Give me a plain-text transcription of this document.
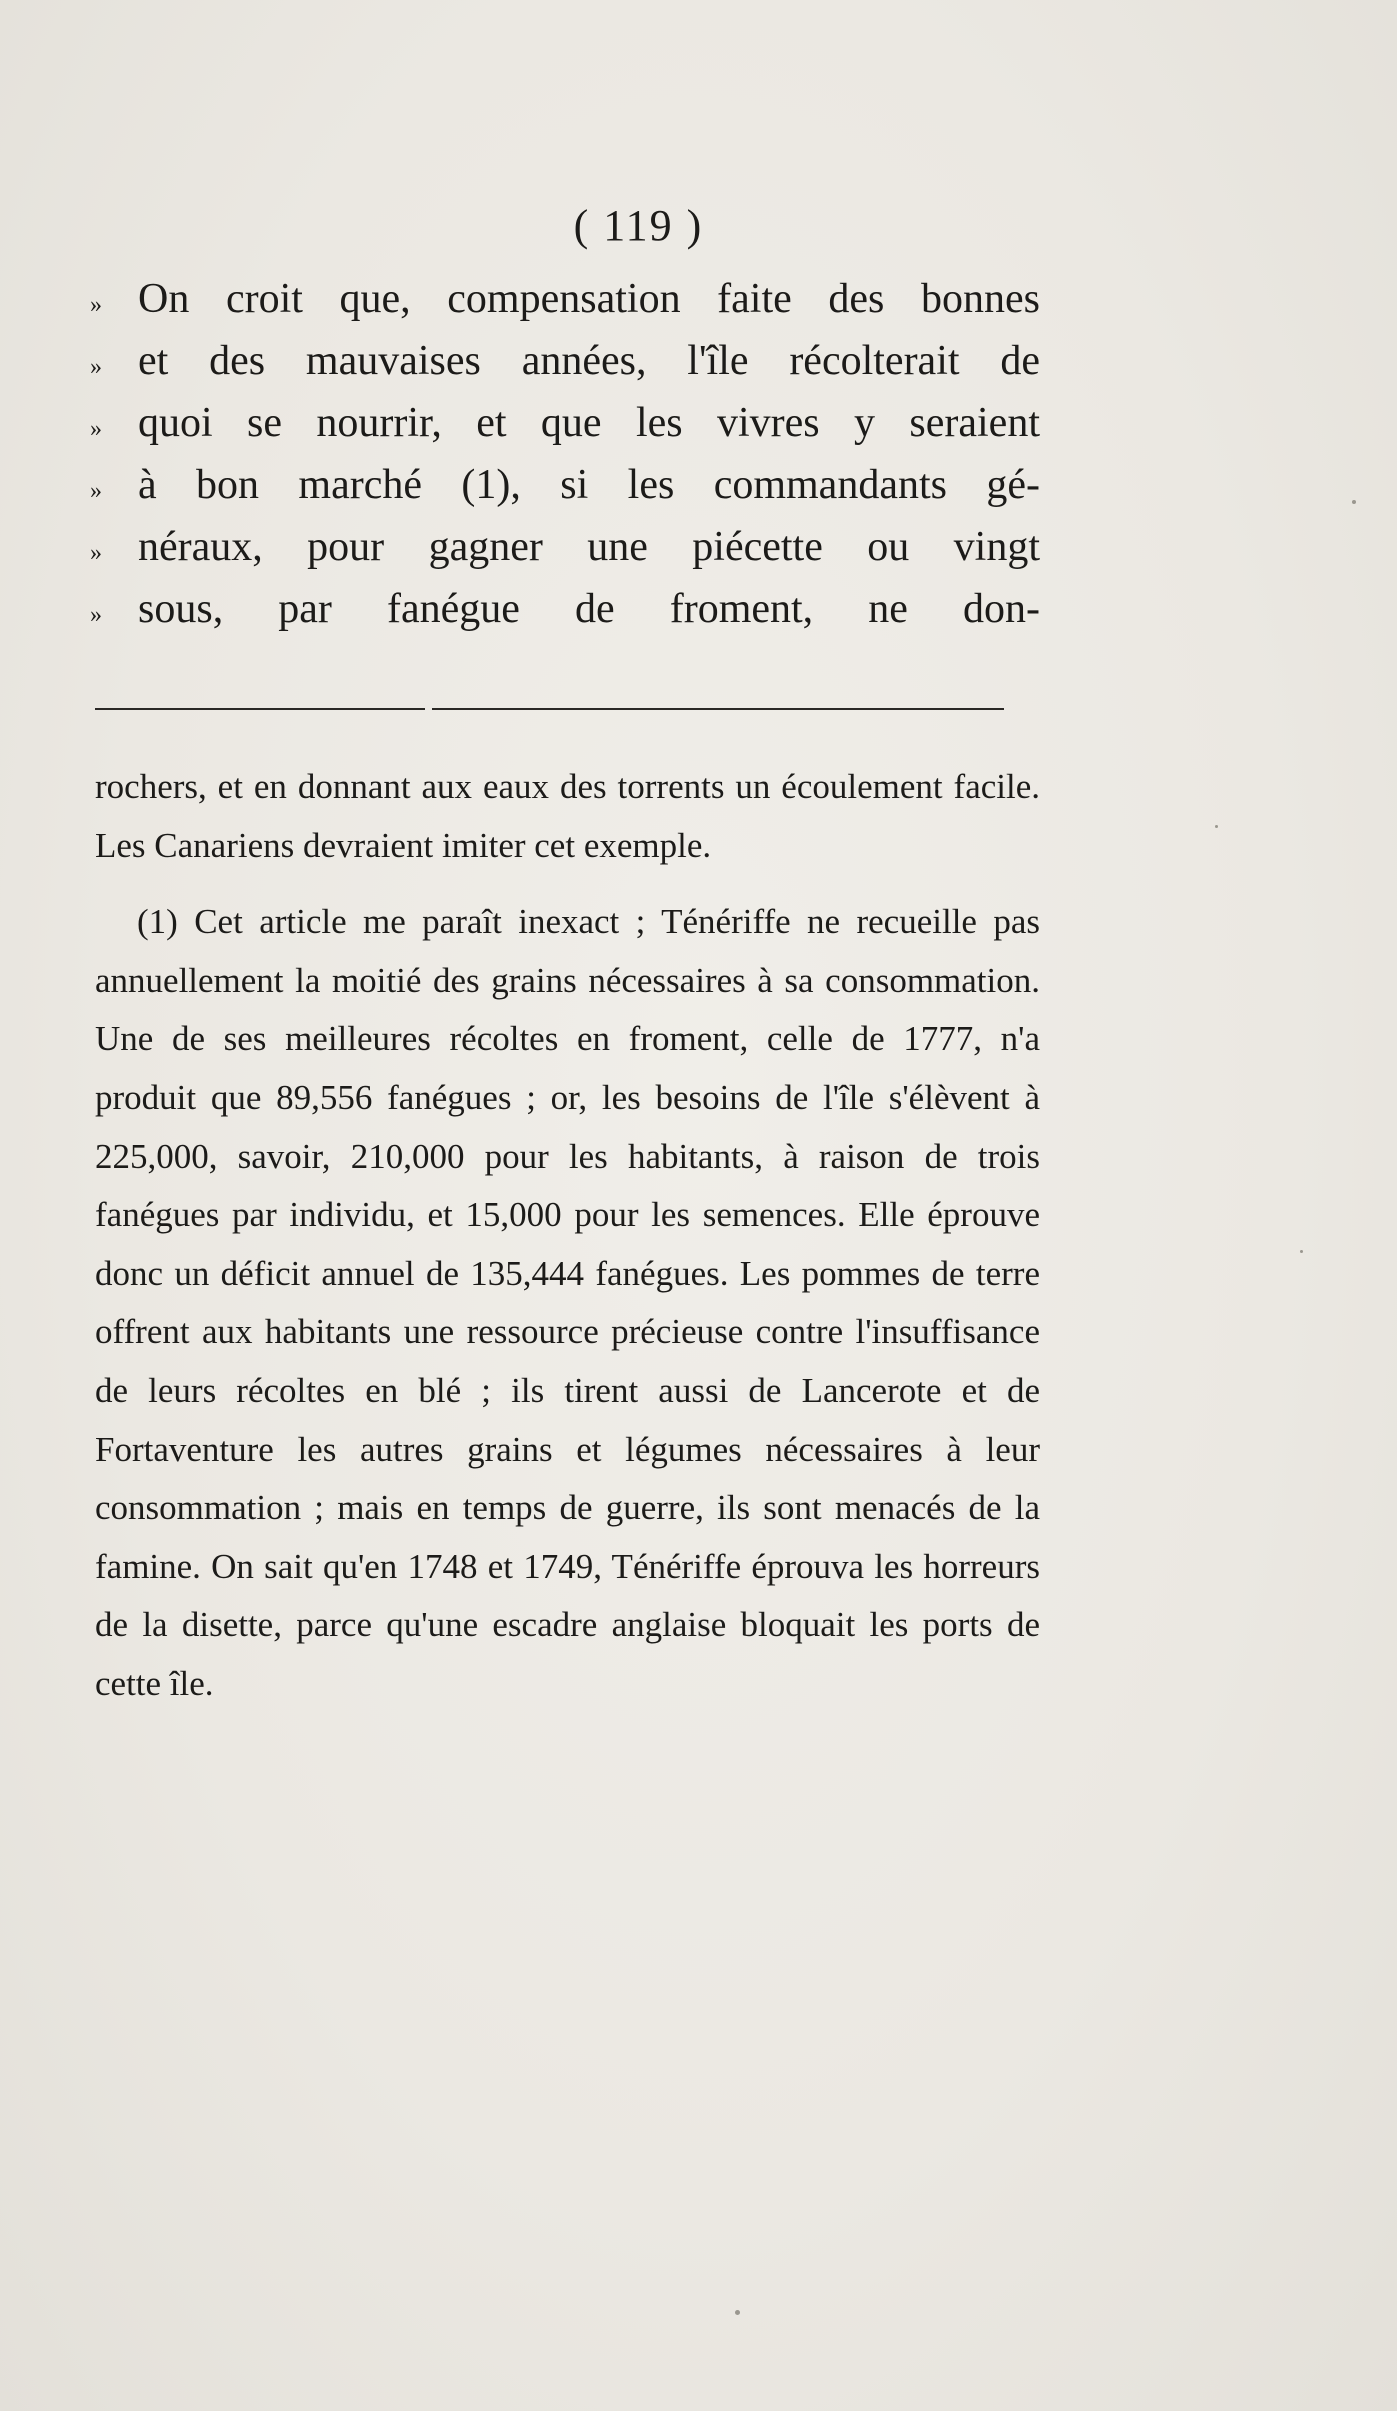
( 119 )
» On croit que, compensation faite des bonnes
» et des mauvaises années, l'île récolterait de
» quoi se nourrir, et que les vivres y seraient
» à bon marché (1), si les commandants gé-
» néraux, pour gagner une piécette ou vingt
» sous, par fanégue de froment, ne don-

rochers, et en donnant aux eaux des torrents un écoulement facile. Les Canariens devraient imiter cet exemple.

(1) Cet article me paraît inexact ; Ténériffe ne recueille pas annuellement la moitié des grains nécessaires à sa consommation. Une de ses meilleures récoltes en froment, celle de 1777, n'a produit que 89,556 fanégues ; or, les besoins de l'île s'élèvent à 225,000, savoir, 210,000 pour les habitants, à raison de trois fanégues par individu, et 15,000 pour les semences. Elle éprouve donc un déficit annuel de 135,444 fanégues. Les pommes de terre offrent aux habitants une ressource précieuse contre l'insuffisance de leurs récoltes en blé ; ils tirent aussi de Lancerote et de Fortaventure les autres grains et légumes nécessaires à leur consommation ; mais en temps de guerre, ils sont menacés de la famine. On sait qu'en 1748 et 1749, Ténériffe éprouva les horreurs de la disette, parce qu'une escadre anglaise bloquait les ports de cette île.
